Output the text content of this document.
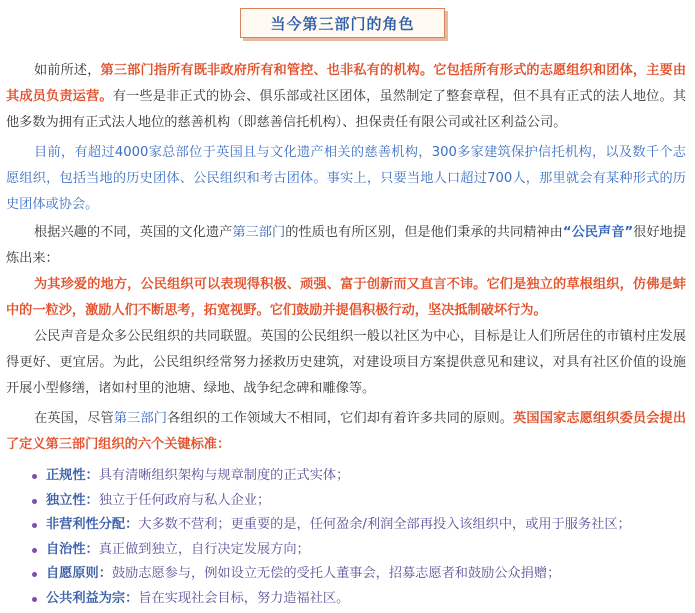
当今第三部门的角色

如前所述，第三部门指所有既非政府所有和管控、也非私有的机构。它包括所有形式的志愿组织和团体，主要由其成员负责运营。有一些是非正式的协会、俱乐部或社区团体，虽然制定了整套章程，但不具有正式的法人地位。其他多数为拥有正式法人地位的慈善机构（即慈善信托机构）、担保责任有限公司或社区利益公司。

目前，有超过4000家总部位于英国且与文化遗产相关的慈善机构，300多家建筑保护信托机构，以及数千个志愿组织，包括当地的历史团体、公民组织和考古团体。事实上，只要当地人口超过700人，那里就会有某种形式的历史团体或协会。

根据兴趣的不同，英国的文化遗产第三部门的性质也有所区别，但是他们秉承的共同精神由“公民声音”很好地提炼出来：

为其珍爱的地方，公民组织可以表现得积极、顽强、富于创新而又直言不讳。它们是独立的草根组织，仿佛是蚌中的一粒沙，激励人们不断思考，拓宽视野。它们鼓励并提倡积极行动，坚决抵制破坏行为。

公民声音是众多公民组织的共同联盟。英国的公民组织一般以社区为中心，目标是让人们所居住的市镇村庄发展得更好、更宜居。为此，公民组织经常努力拯救历史建筑，对建设项目方案提供意见和建议，对具有社区价值的设施开展小型修缮，诸如村里的池塘、绿地、战争纪念碑和雕像等。

在英国，尽管第三部门各组织的工作领域大不相同，它们却有着许多共同的原则。英国国家志愿组织委员会提出了定义第三部门组织的六个关键标准：

正规性：具有清晰组织架构与规章制度的正式实体；
独立性：独立于任何政府与私人企业；
非营利性分配：大多数不营利；更重要的是，任何盈余/利润全部再投入该组织中，或用于服务社区；
自治性：真正做到独立，自行决定发展方向；
自愿原则：鼓励志愿参与，例如设立无偿的受托人董事会，招募志愿者和鼓励公众捐赠；
公共利益为宗：旨在实现社会目标，努力造福社区。
